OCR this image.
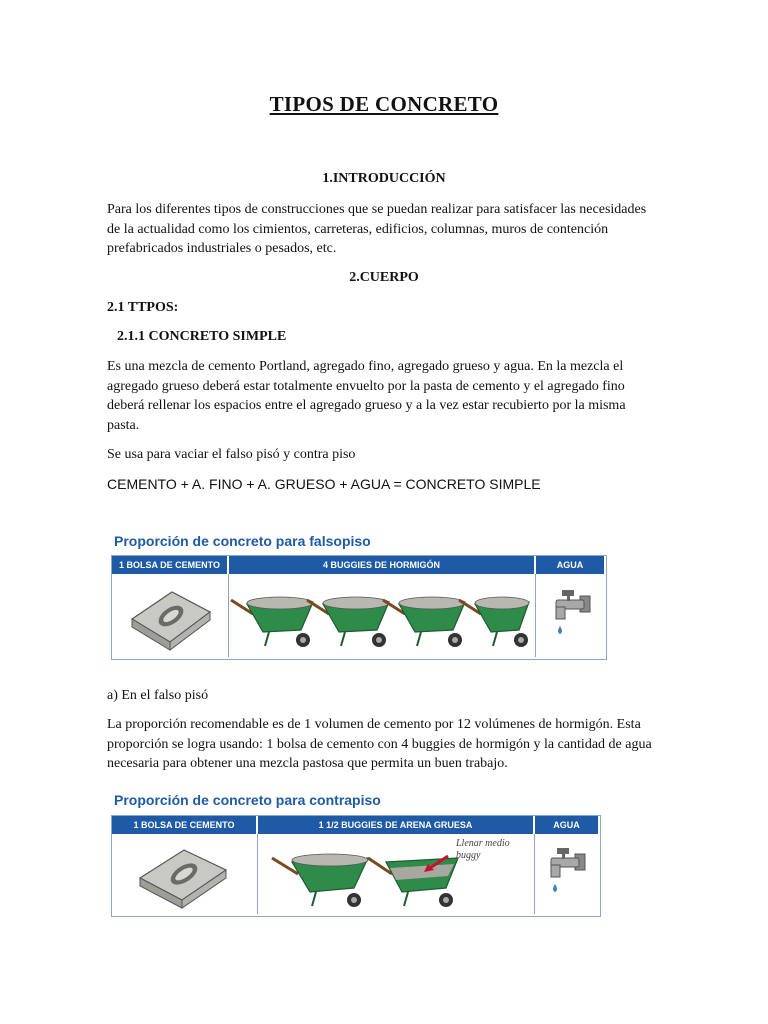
TIPOS DE CONCRETO
1.INTRODUCCIÓN
Para los diferentes tipos de construcciones que se puedan realizar para satisfacer las necesidades de la actualidad como los cimientos, carreteras, edificios, columnas, muros de contención prefabricados industriales o pesados, etc.
2.CUERPO
2.1 TTPOS:
2.1.1 CONCRETO SIMPLE
Es una mezcla de cemento Portland, agregado fino, agregado grueso y agua. En la mezcla el agregado grueso deberá estar totalmente envuelto por la pasta de cemento y el agregado fino deberá rellenar los espacios entre el agregado grueso y a la vez estar recubierto por la misma pasta.
Se usa para vaciar el falso pisó y contra piso
CEMENTO + A. FINO + A. GRUESO + AGUA = CONCRETO SIMPLE
Proporción de concreto para falsopiso
1 BOLSA DE CEMENTO	4 BUGGIES DE HORMIGÓN	AGUA
a) En el falso pisó
La proporción recomendable es de 1 volumen de cemento por 12 volúmenes de hormigón. Esta proporción se logra usando: 1 bolsa de cemento con 4 buggies de hormigón y la cantidad de agua necesaria para obtener una mezcla pastosa que permita un buen trabajo.
Proporción de concreto para contrapiso
1 BOLSA DE CEMENTO	1 1/2 BUGGIES DE ARENA GRUESA	AGUA
Llenar medio buggy
